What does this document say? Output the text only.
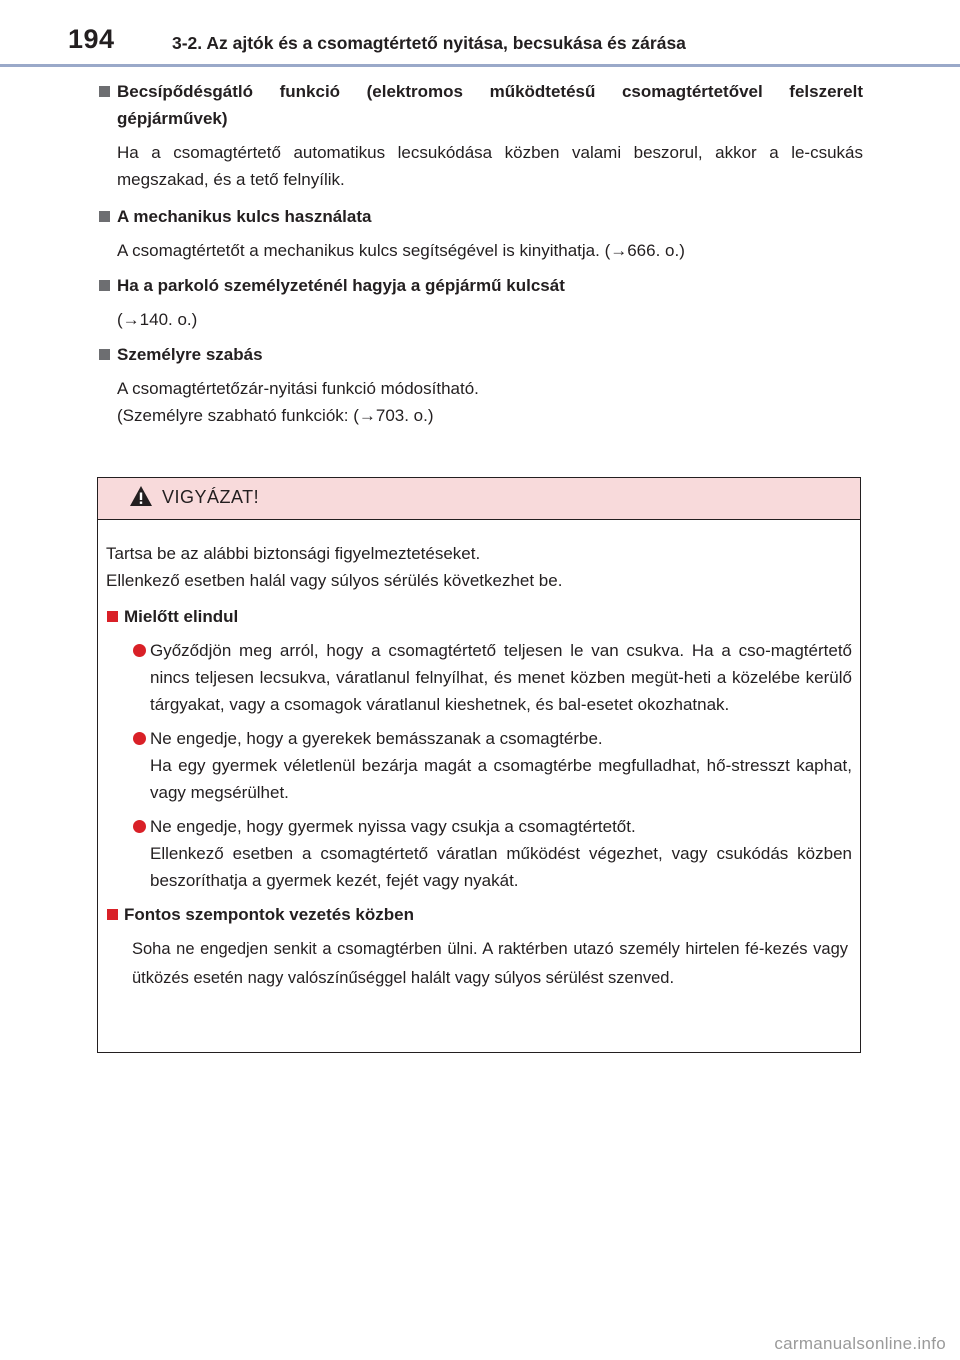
194	3-2. Az ajtók és a csomagtértető nyitása, becsukása és zárása
Becsípődésgátló funkció (elektromos működtetésű csomagtértetővel felszerelt gépjárművek)
Ha a csomagtértető automatikus lecsukódása közben valami beszorul, akkor a le-csukás megszakad, és a tető felnyílik.
A mechanikus kulcs használata
A csomagtértetőt a mechanikus kulcs segítségével is kinyithatja. (→666. o.)
Ha a parkoló személyzeténél hagyja a gépjármű kulcsát
(→140. o.)
Személyre szabás
A csomagtértetőzár-nyitási funkció módosítható.
(Személyre szabható funkciók: (→703. o.)
VIGYÁZAT!
Tartsa be az alábbi biztonsági figyelmeztetéseket.
Ellenkező esetben halál vagy súlyos sérülés következhet be.
Mielőtt elindul
Győződjön meg arról, hogy a csomagtértető teljesen le van csukva. Ha a cso-magtértető nincs teljesen lecsukva, váratlanul felnyílhat, és menet közben megüt-heti a közelébe kerülő tárgyakat, vagy a csomagok váratlanul kieshetnek, és bal-esetet okozhatnak.
Ne engedje, hogy a gyerekek bemásszanak a csomagtérbe.
Ha egy gyermek véletlenül bezárja magát a csomagtérbe megfulladhat, hő-stresszt kaphat, vagy megsérülhet.
Ne engedje, hogy gyermek nyissa vagy csukja a csomagtértetőt.
Ellenkező esetben a csomagtértető váratlan működést végezhet, vagy csukódás közben beszoríthatja a gyermek kezét, fejét vagy nyakát.
Fontos szempontok vezetés közben
Soha ne engedjen senkit a csomagtérben ülni. A raktérben utazó személy hirtelen fé-kezés vagy ütközés esetén nagy valószínűséggel halált vagy súlyos sérülést szenved.
carmanualsonline.info
